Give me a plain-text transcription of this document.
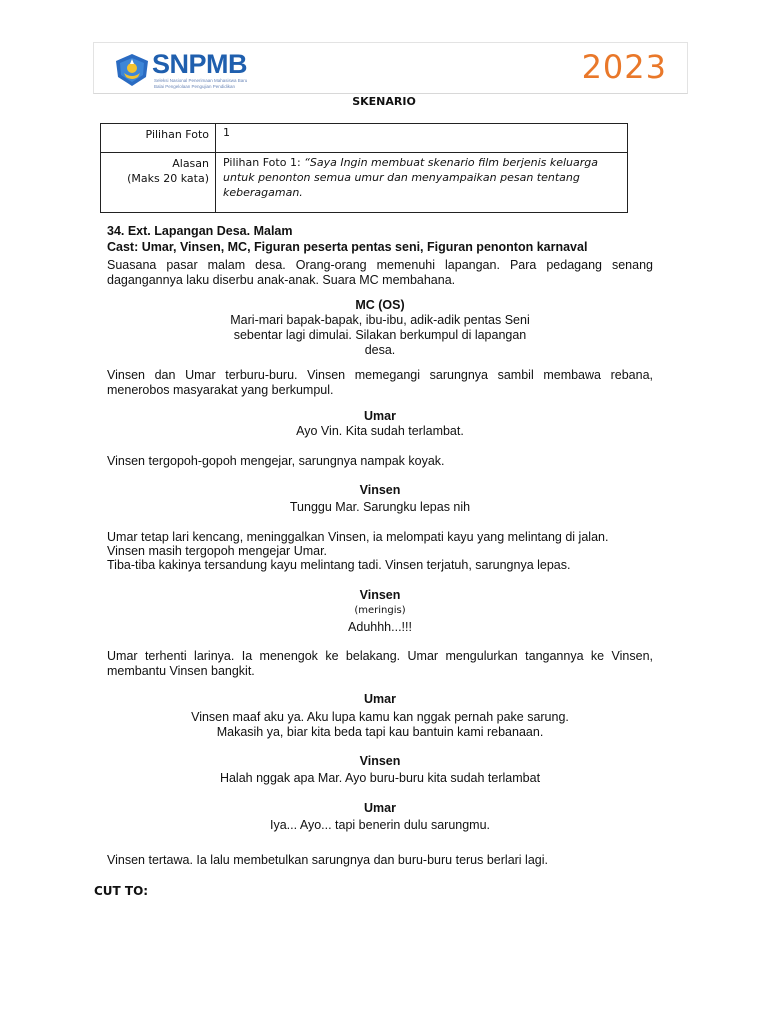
SNPMB
Seleksi Nasional Penerimaan Mahasiswa Baru
Balai Pengelolaan Pengujian Pendidikan
2023
SKENARIO
Pilihan Foto	1

Alasan
(Maks 20 kata)	Pilihan Foto 1: “Saya Ingin membuat skenario film berjenis keluarga untuk penonton semua umur dan menyampaikan pesan tentang keberagaman.
34. Ext. Lapangan Desa. Malam
Cast: Umar, Vinsen, MC, Figuran peserta pentas seni, Figuran penonton karnaval
Suasana pasar malam desa. Orang-orang memenuhi lapangan. Para pedagang senang dagangannya laku diserbu anak-anak. Suara MC membahana.
MC (OS)
Mari-mari bapak-bapak, ibu-ibu, adik-adik pentas Seni
sebentar lagi dimulai. Silakan berkumpul di lapangan
desa.
Vinsen dan Umar terburu-buru. Vinsen memegangi sarungnya sambil membawa rebana, menerobos masyarakat yang berkumpul.
Umar
Ayo Vin. Kita sudah terlambat.
Vinsen tergopoh-gopoh mengejar, sarungnya nampak koyak.
Vinsen
Tunggu Mar. Sarungku lepas nih
Umar tetap lari kencang, meninggalkan Vinsen, ia melompati kayu yang melintang di jalan.
Vinsen masih tergopoh mengejar Umar.
Tiba-tiba kakinya tersandung kayu melintang tadi. Vinsen terjatuh, sarungnya lepas.
Vinsen
(meringis)
Aduhhh...!!!
Umar terhenti larinya. Ia menengok ke belakang. Umar mengulurkan tangannya ke Vinsen, membantu Vinsen bangkit.
Umar
Vinsen maaf aku ya. Aku lupa kamu kan nggak pernah pake sarung.
Makasih ya, biar kita beda tapi kau bantuin kami rebanaan.
Vinsen
Halah nggak apa Mar. Ayo buru-buru kita sudah terlambat
Umar
Iya... Ayo... tapi benerin dulu sarungmu.
Vinsen tertawa. Ia lalu membetulkan sarungnya dan buru-buru terus berlari lagi.
CUT TO:
